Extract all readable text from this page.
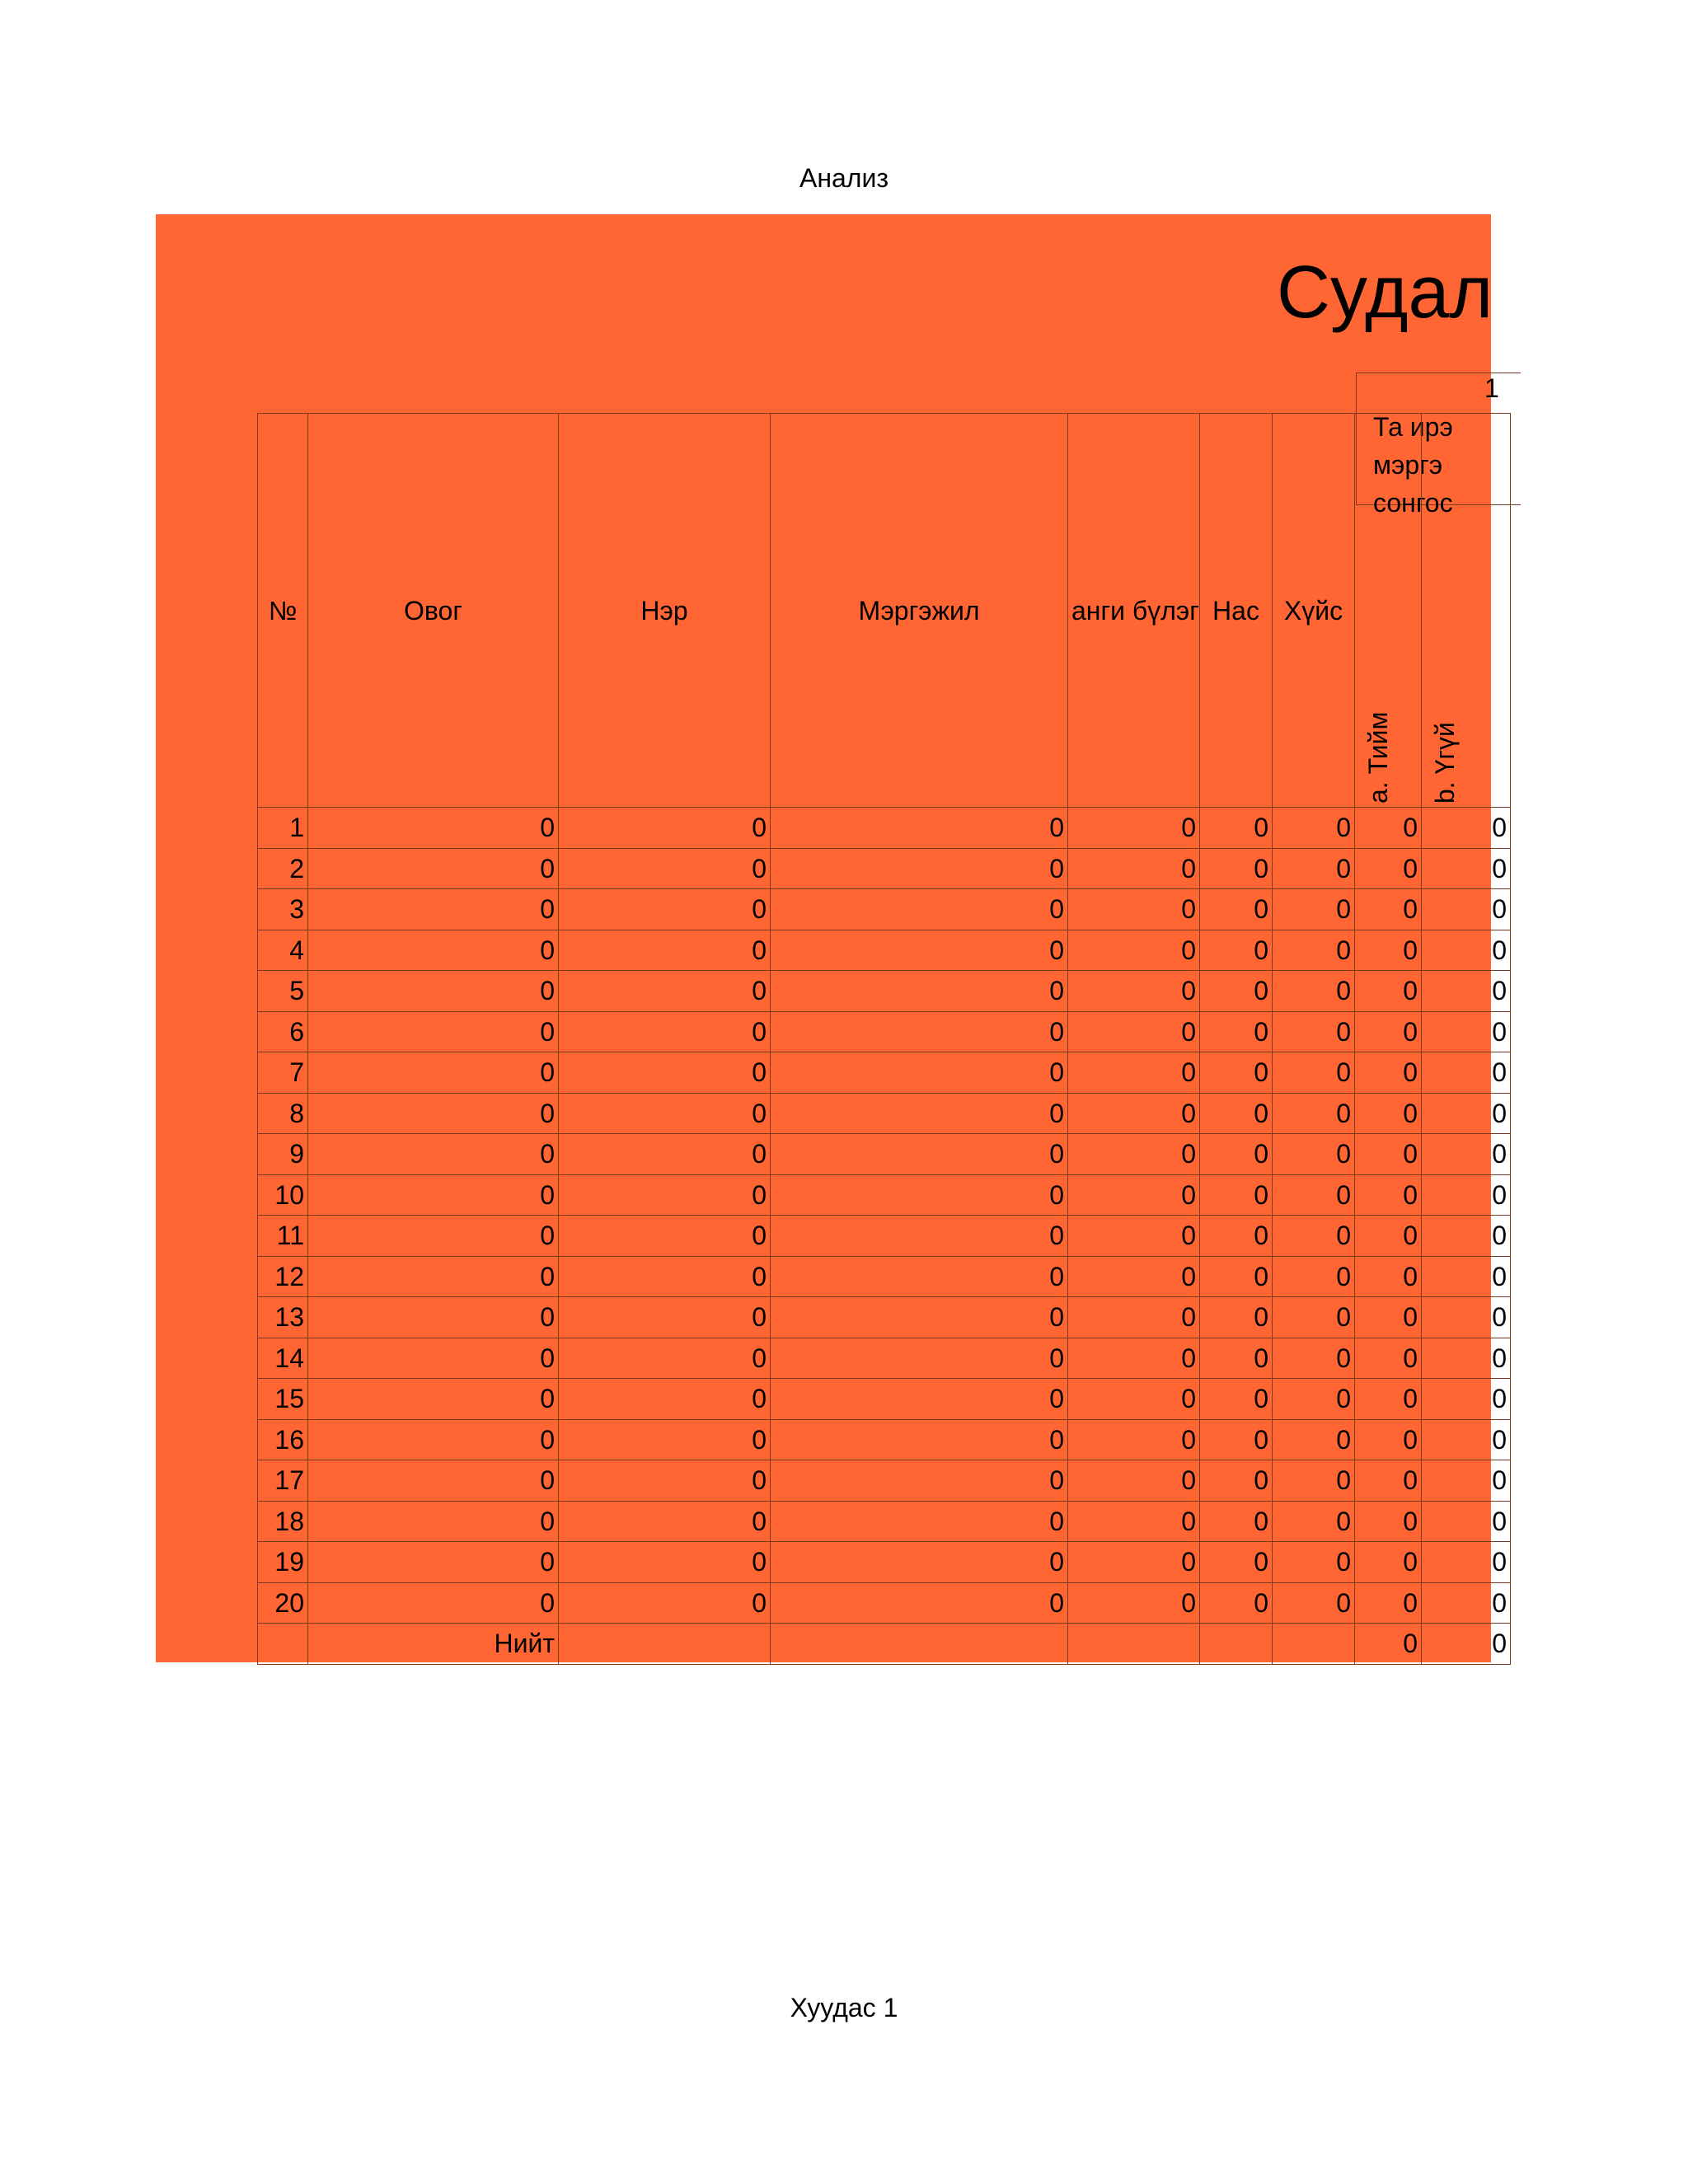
Анализ
Судал
1
Та ирэ
мэргэ
сонгос
№	Овог	Нэр	Мэргэжил	анги бүлэг	Нас	Хүйс	a. Тийм	b. Үгүй

1	0	0	0	0	0	0	0	0
2	0	0	0	0	0	0	0	0
3	0	0	0	0	0	0	0	0
4	0	0	0	0	0	0	0	0
5	0	0	0	0	0	0	0	0
6	0	0	0	0	0	0	0	0
7	0	0	0	0	0	0	0	0
8	0	0	0	0	0	0	0	0
9	0	0	0	0	0	0	0	0
10	0	0	0	0	0	0	0	0
11	0	0	0	0	0	0	0	0
12	0	0	0	0	0	0	0	0
13	0	0	0	0	0	0	0	0
14	0	0	0	0	0	0	0	0
15	0	0	0	0	0	0	0	0
16	0	0	0	0	0	0	0	0
17	0	0	0	0	0	0	0	0
18	0	0	0	0	0	0	0	0
19	0	0	0	0	0	0	0	0
20	0	0	0	0	0	0	0	0
	Нийт						0	0
Хуудас 1
